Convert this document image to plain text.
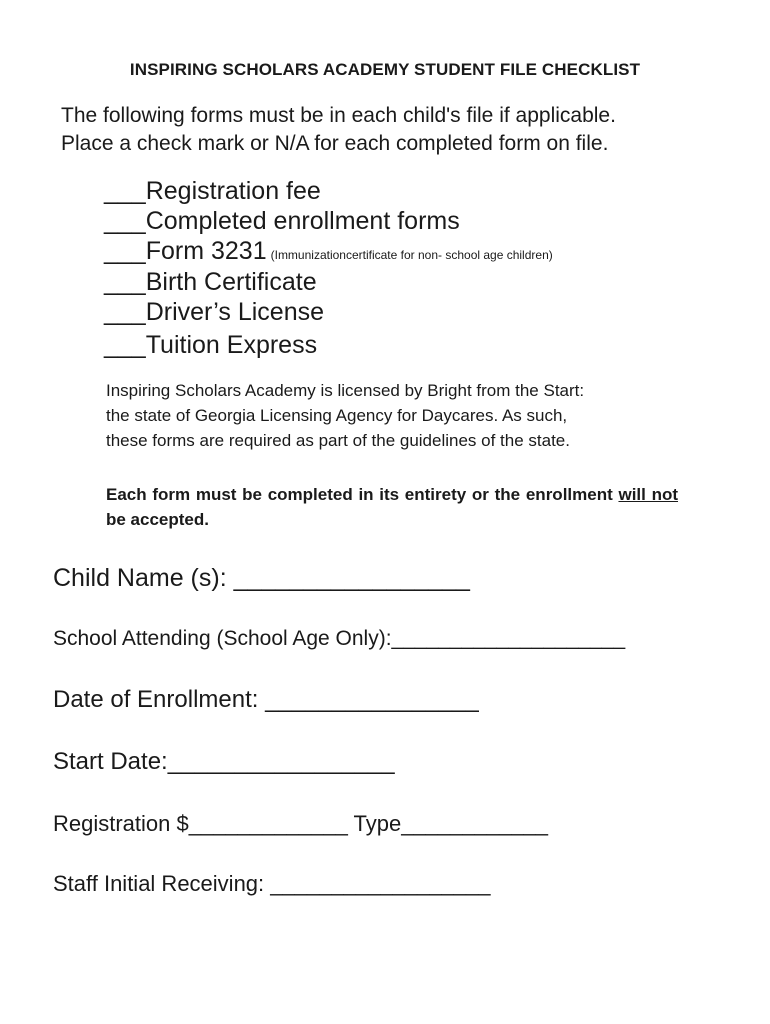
INSPIRING SCHOLARS ACADEMY STUDENT FILE CHECKLIST
The following forms must be in each child's file if applicable.
Place a check mark or N/A for each completed form on file.
___Registration fee
___Completed enrollment forms
___Form 3231 (Immunizationcertificate for non- school age children)
___Birth Certificate
___Driver’s License
___Tuition Express
Inspiring Scholars Academy is licensed by Bright from the Start:
the state of Georgia Licensing Agency for Daycares. As such,
these forms are required as part of the guidelines of the state.
Each form must be completed in its entirety or the enrollment will not be accepted.
Child Name (s): _________________
School Attending (School Age Only):____________________
Date of Enrollment: ________________
Start Date:_________________
Registration $_____________ Type____________
Staff Initial Receiving: __________________
